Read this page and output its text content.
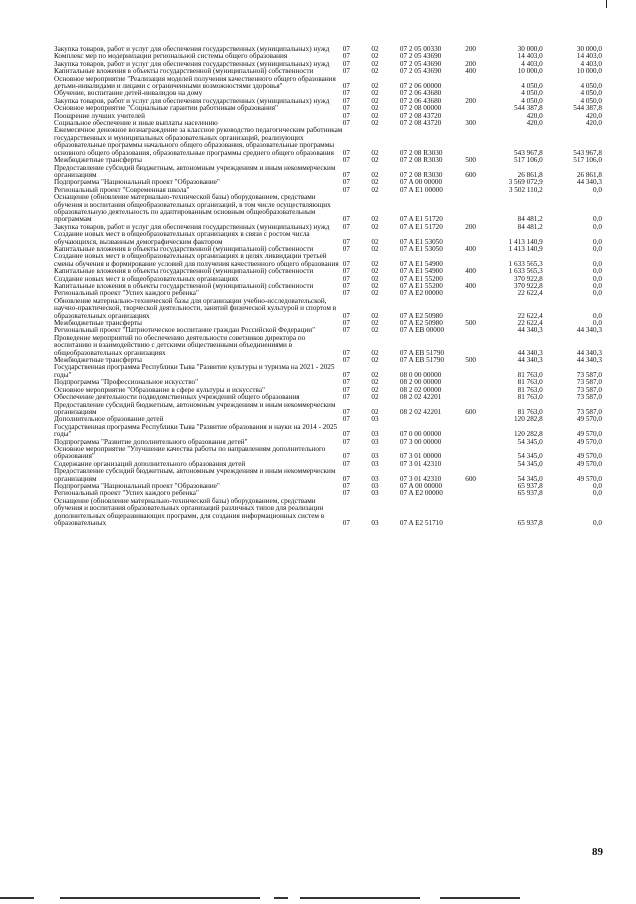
Закупка товаров, работ и услуг для обеспечения государственных (муниципальных) нужд	07	02	07 2 05 00330	200	30 000,0	30 000,0
Комплекс мер по модернизации региональной системы общего образования	07	02	07 2 05 43690		14 403,0	14 403,0
Закупка товаров, работ и услуг для обеспечения государственных (муниципальных) нужд	07	02	07 2 05 43690	200	4 403,0	4 403,0
Капитальные вложения в объекты государственной (муниципальной) собственности	07	02	07 2 05 43690	400	10 000,0	10 000,0
Основное мероприятие "Реализация моделей получения качественного общего образования детьми-инвалидами и лицами с ограниченными возможностями здоровья"	07	02	07 2 06 00000		4 050,0	4 050,0
Обучение, воспитание детей-инвалидов на дому	07	02	07 2 06 43680		4 050,0	4 050,0
Закупка товаров, работ и услуг для обеспечения государственных (муниципальных) нужд	07	02	07 2 06 43680	200	4 050,0	4 050,0
Основное мероприятие "Социальные гарантии работникам образования"	07	02	07 2 08 00000		544 387,8	544 387,8
Поощрение лучших учителей	07	02	07 2 08 43720		420,0	420,0
Социальное обеспечение и иные выплаты населению	07	02	07 2 08 43720	300	420,0	420,0
Ежемесячное денежное вознаграждение за классное руководство педагогическим работникам государственных и муниципальных образовательных организаций, реализующих образовательные программы начального общего образования, образовательные программы основного общего образования, образовательные программы среднего общего образования	07	02	07 2 08 R3030		543 967,8	543 967,8
Межбюджетные трансферты	07	02	07 2 08 R3030	500	517 106,0	517 106,0
Предоставление субсидий бюджетным, автономным учреждениям и иным некоммерческим организациям	07	02	07 2 08 R3030	600	26 861,8	26 861,8
Подпрограмма "Национальный проект "Образование"	07	02	07 A 00 00000		3 569 072,9	44 340,3
Региональный проект "Современная школа"	07	02	07 A E1 00000		3 502 110,2	0,0
Оснащение (обновление материально-технической базы) оборудованием, средствами обучения и воспитания общеобразовательных организаций, в том числе осуществляющих образовательную деятельность по адаптированным основным общеобразовательным программам	07	02	07 A E1 51720		84 481,2	0,0
Закупка товаров, работ и услуг для обеспечения государственных (муниципальных) нужд	07	02	07 A E1 51720	200	84 481,2	0,0
Создание новых мест в общеобразовательных организациях в связи с ростом числа обучающихся, вызванным демографическим фактором	07	02	07 A E1 53050		1 413 140,9	0,0
Капитальные вложения в объекты государственной (муниципальной) собственности	07	02	07 A E1 53050	400	1 413 140,9	0,0
Создание новых мест в общеобразовательных организациях в целях ликвидации третьей смены обучения и формирование условий для получения качественного общего образования	07	02	07 A E1 54900		1 633 565,3	0,0
Капитальные вложения в объекты государственной (муниципальной) собственности	07	02	07 A E1 54900	400	1 633 565,3	0,0
Создание новых мест в общеобразовательных организациях	07	02	07 A E1 55200		370 922,8	0,0
Капитальные вложения в объекты государственной (муниципальной) собственности	07	02	07 A E1 55200	400	370 922,8	0,0
Региональный проект "Успех каждого ребенка"	07	02	07 A E2 00000		22 622,4	0,0
Обновление материально-технической базы для организации учебно-исследовательской, научно-практической, творческой деятельности, занятий физической культурой и спортом в образовательных организациях	07	02	07 A E2 50980		22 622,4	0,0
Межбюджетные трансферты	07	02	07 A E2 50980	500	22 622,4	0,0
Региональный проект "Патриотическое воспитание граждан Российской Федерации"	07	02	07 A EB 00000		44 340,3	44 340,3
Проведение мероприятий по обеспечению деятельности советников директора по воспитанию и взаимодействию с детскими общественными объединениями в общеобразовательных организациях	07	02	07 A EB 51790		44 340,3	44 340,3
Межбюджетные трансферты	07	02	07 A EB 51790	500	44 340,3	44 340,3
Государственная программа Республики Тыва "Развитие культуры и туризма на 2021 - 2025 годы"	07	02	08 0 00 00000		81 763,0	73 587,0
Подпрограмма "Профессиональное искусство"	07	02	08 2 00 00000		81 763,0	73 587,0
Основное мероприятие "Образование в сфере культуры и искусства"	07	02	08 2 02 00000		81 763,0	73 587,0
Обеспечение деятельности подведомственных учреждений общего образования	07	02	08 2 02 42201		81 763,0	73 587,0
Предоставление субсидий бюджетным, автономным учреждениям и иным некоммерческим организациям	07	02	08 2 02 42201	600	81 763,0	73 587,0
Дополнительное образование детей	07	03			120 282,8	49 570,0
Государственная программа Республики Тыва "Развитие образования и науки на 2014 - 2025 годы"	07	03	07 0 00 00000		120 282,8	49 570,0
Подпрограмма "Развитие дополнительного образования детей"	07	03	07 3 00 00000		54 345,0	49 570,0
Основное мероприятие "Улучшение качества работы по направлениям дополнительного образования"	07	03	07 3 01 00000		54 345,0	49 570,0
Содержание организаций дополнительного образования детей	07	03	07 3 01 42310		54 345,0	49 570,0
Предоставление субсидий бюджетным, автономным учреждениям и иным некоммерческим организациям	07	03	07 3 01 42310	600	54 345,0	49 570,0
Подпрограмма "Национальный проект "Образование"	07	03	07 A 00 00000		65 937,8	0,0
Региональный проект "Успех каждого ребенка"	07	03	07 A E2 00000		65 937,8	0,0
Оснащение (обновление материально-технической базы) оборудованием, средствами обучения и воспитания образовательных организаций различных типов для реализации дополнительных общеразвивающих программ, для создания информационных систем в образовательных	07	03	07 A E2 51710		65 937,8	0,0
89
